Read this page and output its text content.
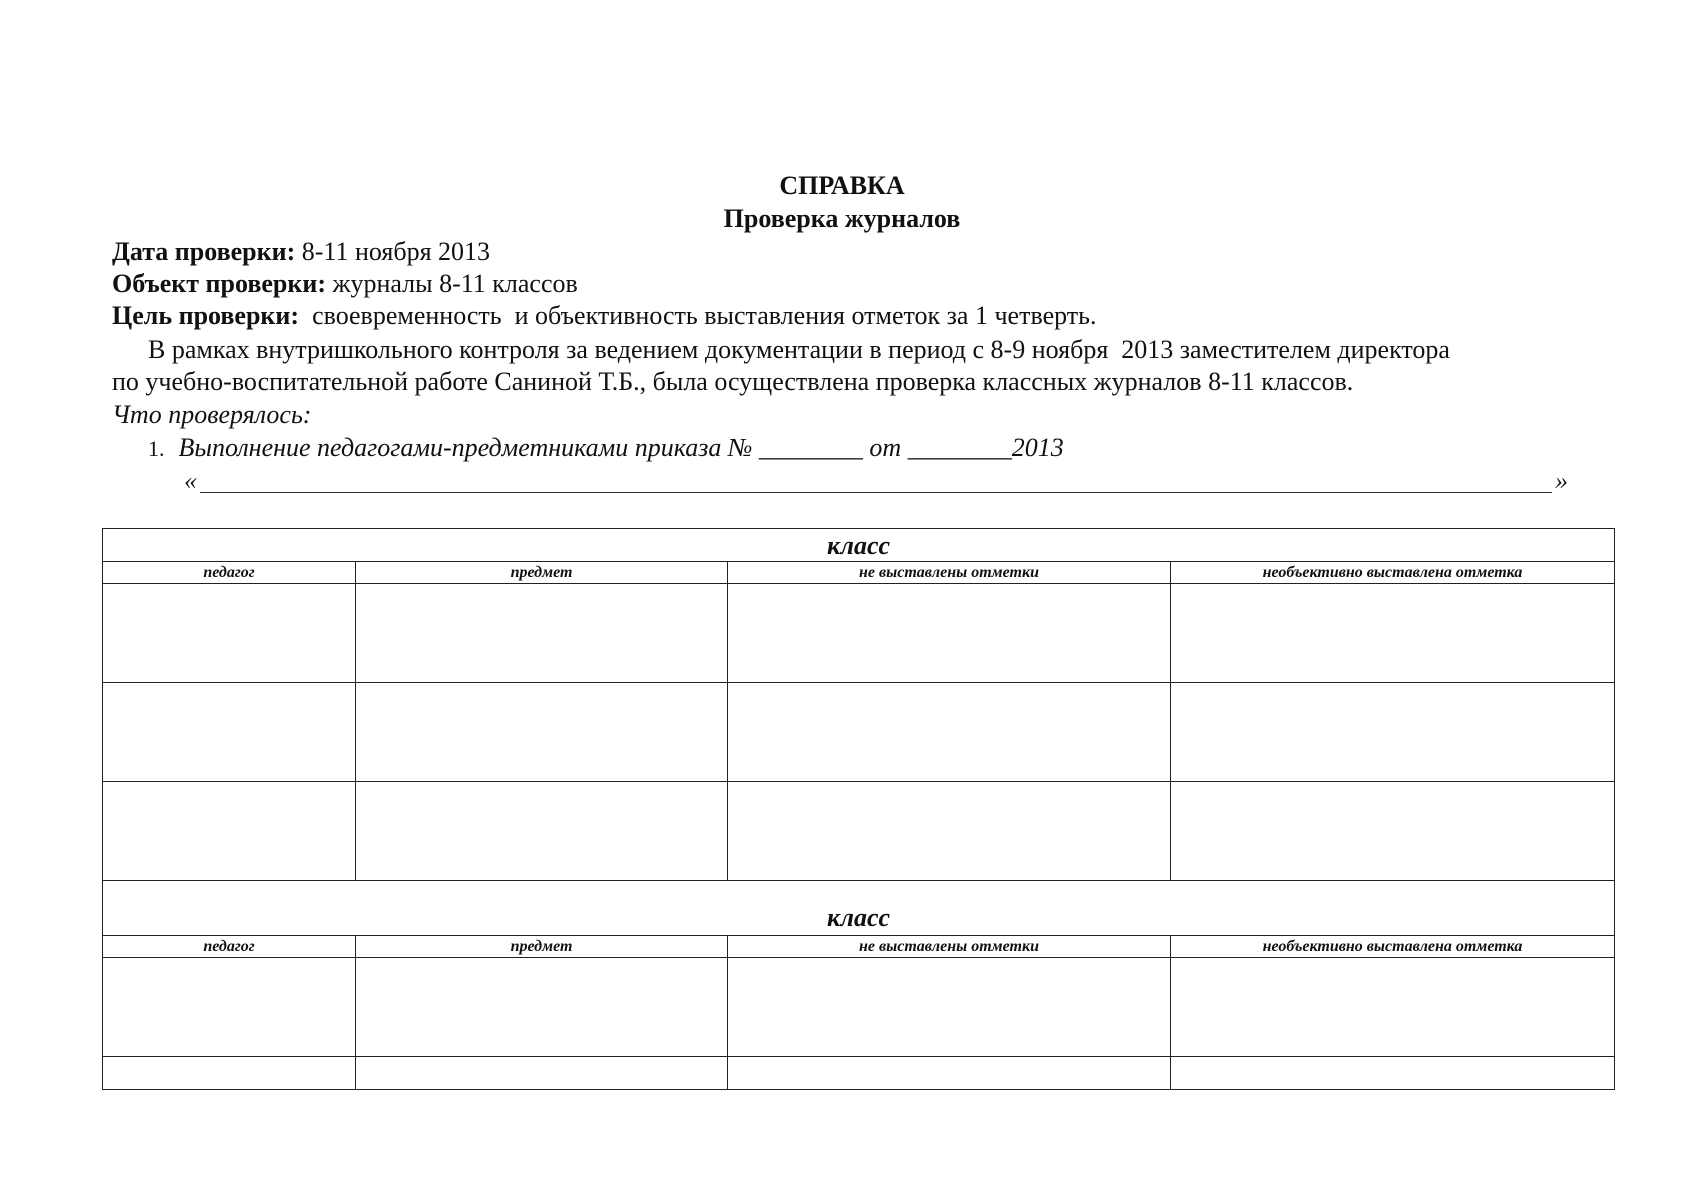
СПРАВКА
Проверка журналов
Дата проверки: 8-11 ноября 2013
Объект проверки: журналы 8-11 классов
Цель проверки:  своевременность  и объективность выставления отметок за 1 четверть.
В рамках внутришкольного контроля за ведением документации в период с 8-9 ноября  2013 заместителем директора
по учебно-воспитательной работе Саниной Т.Б., была осуществлена проверка классных журналов 8-11 классов.
Что проверялось:
1. Выполнение педагогами-предметниками приказа № ________ от ________2013
«	»
класс			
педагог	предмет	не выставлены отметки	необъективно выставлена отметка

класс			
педагог	предмет	не выставлены отметки	необъективно выставлена отметка
